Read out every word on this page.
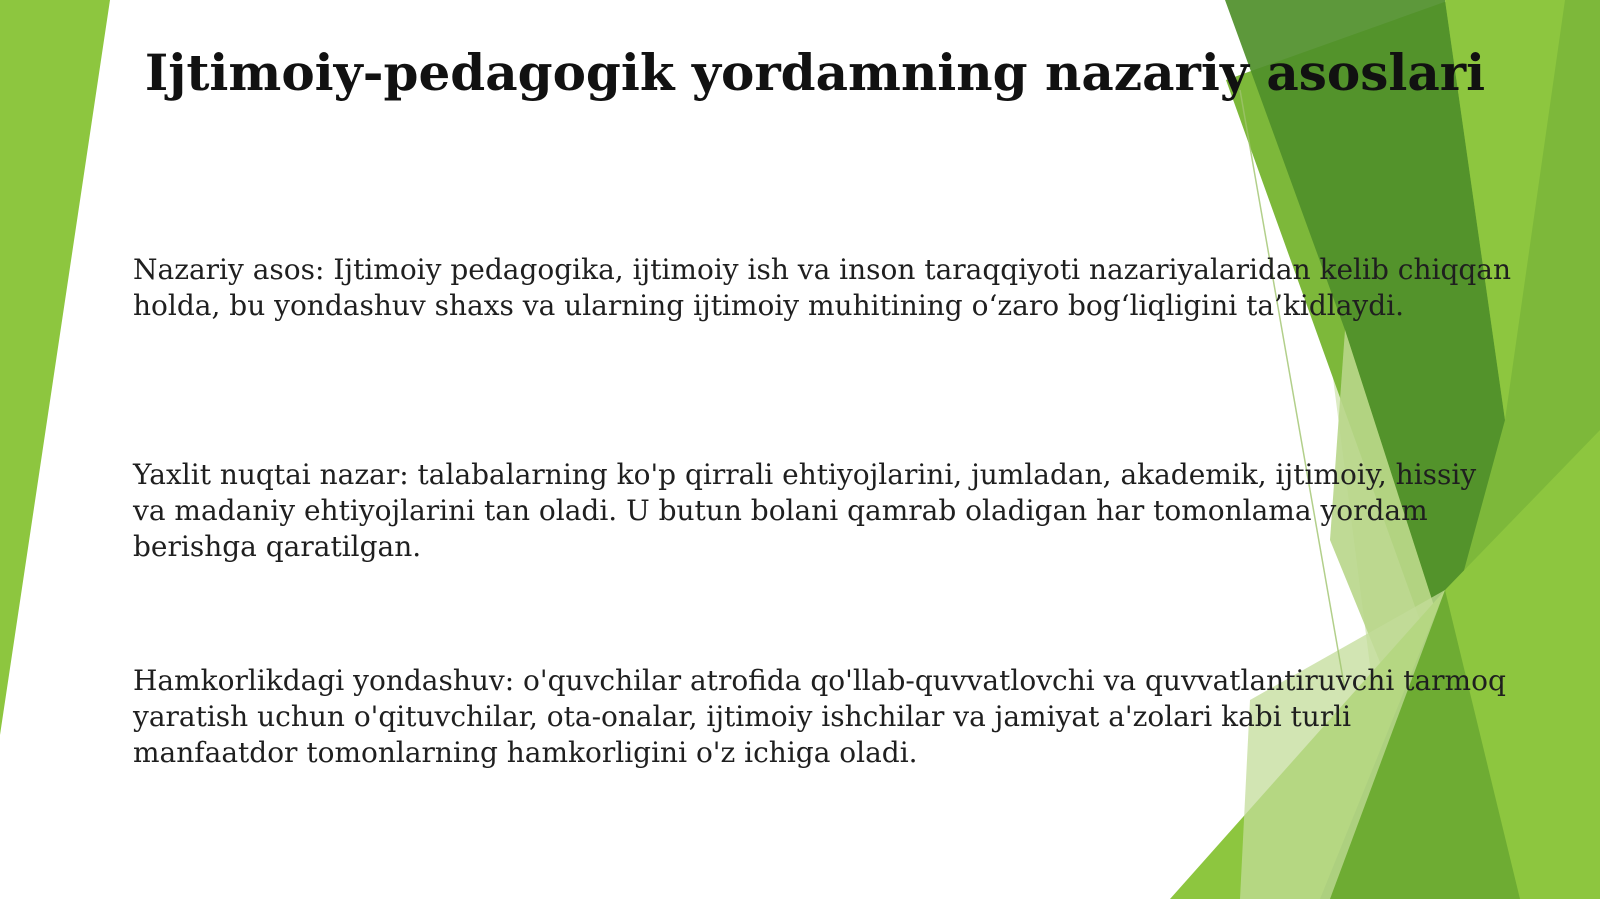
Ijtimoiy-pedagogik yordamning nazariy asoslari

Nazariy asos: Ijtimoiy pedagogika, ijtimoiy ish va inson taraqqiyoti nazariyalaridan kelib chiqqan holda, bu yondashuv shaxs va ularning ijtimoiy muhitining o‘zaro bog‘liqligini ta’kidlaydi.

Yaxlit nuqtai nazar: talabalarning ko'p qirrali ehtiyojlarini, jumladan, akademik, ijtimoiy, hissiy va madaniy ehtiyojlarini tan oladi. U butun bolani qamrab oladigan har tomonlama yordam berishga qaratilgan.

Hamkorlikdagi yondashuv: o'quvchilar atrofida qo'llab-quvvatlovchi va quvvatlantiruvchi tarmoq yaratish uchun o'qituvchilar, ota-onalar, ijtimoiy ishchilar va jamiyat a'zolari kabi turli manfaatdor tomonlarning hamkorligini o'z ichiga oladi.
